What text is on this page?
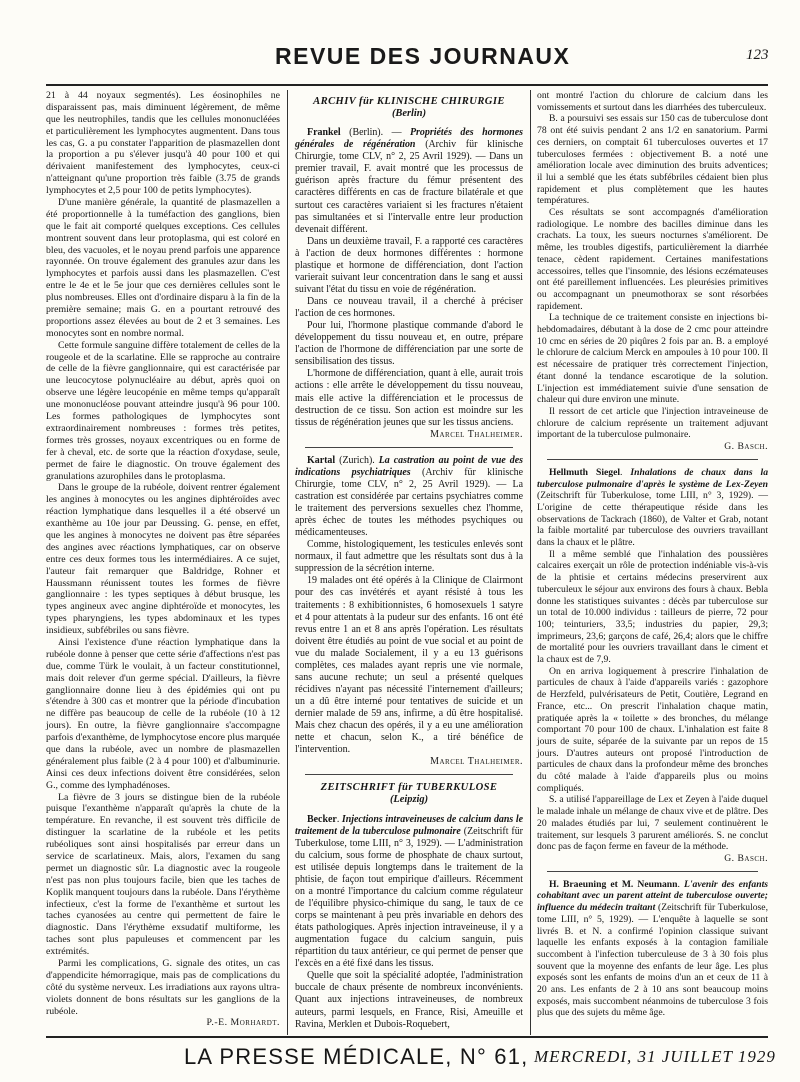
REVUE DES JOURNAUX	123

21 à 44 noyaux segmentés). Les éosinophiles ne disparaissent pas, mais diminuent légèrement, de même que les neutrophiles, tandis que les cellules mononucléées et particulièrement les lymphocytes augmentent. Dans tous les cas, G. a pu constater l'apparition de plasmazellen dont la proportion a pu s'élever jusqu'à 40 pour 100 et qui dérivaient manifestement des lymphocytes, ceux-ci n'atteignant qu'une proportion très faible (3.75 de grands lymphocytes et 2,5 pour 100 de petits lymphocytes).

D'une manière générale, la quantité de plasmazellen a été proportionnelle à la tuméfaction des ganglions, bien que le fait ait comporté quelques exceptions. Ces cellules montrent souvent dans leur protoplasma, qui est coloré en bleu, des vacuoles, et le noyau prend parfois une apparence rayonnée. On trouve également des granules azur dans les lymphocytes et parfois aussi dans les plasmazellen. C'est entre le 4e et le 5e jour que ces dernières cellules sont le plus nombreuses. Elles ont d'ordinaire disparu à la fin de la première semaine; mais G. en a pourtant retrouvé des proportions assez élevées au bout de 2 et 3 semaines. Les monocytes sont en nombre normal.

Cette formule sanguine diffère totalement de celles de la rougeole et de la scarlatine. Elle se rapproche au contraire de celle de la fièvre ganglionnaire, qui est caractérisée par une leucocytose polynucléaire au début, après quoi on observe une légère leucopénie en même temps qu'apparaît une mononucléose pouvant atteindre jusqu'à 96 pour 100. Les formes pathologiques de lymphocytes sont extraordinairement nombreuses : formes très petites, formes très grosses, noyaux excentriques ou en forme de fer à cheval, etc. de sorte que la réaction d'oxydase, seule, permet de faire le diagnostic. On trouve également des granulations azurophiles dans le protoplasma.

Dans le groupe de la rubéole, doivent rentrer également les angines à monocytes ou les angines diphtéroïdes avec réaction lymphatique dans lesquelles il a été observé un exanthème au 10e jour par Deussing. G. pense, en effet, que les angines à monocytes ne doivent pas être séparées des angines avec réactions lymphatiques, car on observe entre ces deux formes tous les intermédiaires. A ce sujet, l'auteur fait remarquer que Baldridge, Rohner et Haussmann réunissent toutes les formes de fièvre ganglionnaire : les types septiques à début brusque, les types angineux avec angine diphtéroïde et monocytes, les types pharyngiens, les types abdominaux et les types insidieux, subfébriles ou sans fièvre.

Ainsi l'existence d'une réaction lymphatique dans la rubéole donne à penser que cette série d'affections n'est pas due, comme Türk le voulait, à un facteur constitutionnel, mais doit relever d'un germe spécial. D'ailleurs, la fièvre ganglionnaire donne lieu à des épidémies qui ont pu s'étendre à 300 cas et montrer que la période d'incubation ne diffère pas beaucoup de celle de la rubéole (10 à 12 jours). En outre, la fièvre ganglionnaire s'accompagne parfois d'exanthème, de lymphocytose encore plus marquée que dans la rubéole, avec un nombre de plasmazellen généralement plus faible (2 à 4 pour 100) et d'albuminurie. Ainsi ces deux infections doivent être considérées, selon G., comme des lymphadénoses.

La fièvre de 3 jours se distingue bien de la rubéole puisque l'exanthème n'apparaît qu'après la chute de la température. En revanche, il est souvent très difficile de distinguer la scarlatine de la rubéole et les petits rubéoliques sont ainsi hospitalisés par erreur dans un service de scarlatineux. Mais, alors, l'examen du sang permet un diagnostic sûr. La diagnostic avec la rougeole n'est pas non plus toujours facile, bien que les taches de Koplik manquent toujours dans la rubéole. Dans l'érythème infectieux, c'est la forme de l'exanthème et surtout les taches cyanosées au centre qui permettent de faire le diagnostic. Dans l'érythème exsudatif multiforme, les taches sont plus papuleuses et commencent par les extrémités.

Parmi les complications, G. signale des otites, un cas d'appendicite hémorragique, mais pas de complications du côté du système nerveux. Les irradiations aux rayons ultra-violets donnent de bons résultats sur les ganglions de la rubéole.

P.-E. Morhardt.

ARCHIV für KLINISCHE CHIRURGIE
(Berlin)

Frankel (Berlin). — Propriétés des hormones générales de régénération (Archiv für klinische Chirurgie, tome CLV, n° 2, 25 Avril 1929). — Dans un premier travail, F. avait montré que les processus de guérison après fracture du fémur présentent des caractères différents en cas de fracture bilatérale et que surtout ces caractères variaient si les fractures n'étaient pas simultanées et si l'intervalle entre leur production devenait différent.

Dans un deuxième travail, F. a rapporté ces caractères à l'action de deux hormones différentes : hormone plastique et hormone de différenciation, dont l'action varierait suivant leur concentration dans le sang et aussi suivant l'état du tissu en voie de régénération.

Dans ce nouveau travail, il a cherché à préciser l'action de ces hormones.

Pour lui, l'hormone plastique commande d'abord le développement du tissu nouveau et, en outre, prépare l'action de l'hormone de différenciation par une sorte de sensibilisation des tissus.

L'hormone de différenciation, quant à elle, aurait trois actions : elle arrête le développement du tissu nouveau, mais elle active la différenciation et le processus de destruction de ce tissu. Son action est moindre sur les tissus de régénération jeunes que sur les tissus anciens.

Marcel Thalheimer.

Kartal (Zurich). La castration au point de vue des indications psychiatriques (Archiv für klinische Chirurgie, tome CLV, n° 2, 25 Avril 1929). — La castration est considérée par certains psychiatres comme le traitement des perversions sexuelles chez l'homme, après échec de toutes les méthodes psychiques ou médicamenteuses.

Comme, histologiquement, les testicules enlevés sont normaux, il faut admettre que les résultats sont dus à la suppression de la sécrétion interne.

19 malades ont été opérés à la Clinique de Clairmont pour des cas invétérés et ayant résisté à tous les traitements : 8 exhibitionnistes, 6 homosexuels 1 satyre et 4 pour attentats à la pudeur sur des enfants. 16 ont été revus entre 1 an et 8 ans après l'opération. Les résultats doivent être étudiés au point de vue social et au point de vue du malade Socialement, il y a eu 13 guérisons complètes, ces malades ayant repris une vie normale, sans aucune rechute; un seul a présenté quelques récidives n'ayant pas nécessité l'internement d'ailleurs; un a dû être interné pour tentatives de suicide et un dernier malade de 59 ans, infirme, a dû être hospitalisé. Mais chez chacun des opérés, il y a eu une amélioration nette et chacun, selon K., a tiré bénéfice de l'intervention.

Marcel Thalheimer.

ZEITSCHRIFT für TUBERKULOSE
(Leipzig)

Becker. Injections intraveineuses de calcium dans le traitement de la tuberculose pulmonaire (Zeitschrift für Tuberkulose, tome LIII, n° 3, 1929). — L'administration du calcium, sous forme de phosphate de chaux surtout, est utilisée depuis longtemps dans le traitement de la phtisie, de façon tout empirique d'ailleurs. Récemment on a montré l'importance du calcium comme régulateur de l'équilibre physico-chimique du sang, le taux de ce corps se maintenant à peu près invariable en dehors des états pathologiques. Après injection intraveineuse, il y a augmentation fugace du calcium sanguin, puis répartition du taux antérieur, ce qui permet de penser que l'excès en a été fixé dans les tissus.

Quelle que soit la spécialité adoptée, l'administration buccale de chaux présente de nombreux inconvénients. Quant aux injections intraveineuses, de nombreux auteurs, parmi lesquels, en France, Risi, Ameuille et Ravina, Merklen et Dubois-Roquebert,

ont montré l'action du chlorure de calcium dans les vomissements et surtout dans les diarrhées des tuberculeux.

B. a poursuivi ses essais sur 150 cas de tuberculose dont 78 ont été suivis pendant 2 ans 1/2 en sanatorium. Parmi ces derniers, on comptait 61 tuberculoses ouvertes et 17 tuberculoses fermées : objectivement B. a noté une amélioration locale avec diminution des bruits adventices; il lui a semblé que les états subfébriles cédaient bien plus rapidement et plus complètement que les hautes températures.

Ces résultats se sont accompagnés d'amélioration radiologique. Le nombre des bacilles diminue dans les crachats. La toux, les sueurs nocturnes s'améliorent. De même, les troubles digestifs, particulièrement la diarrhée tenace, cèdent rapidement. Certaines manifestations accessoires, telles que l'insomnie, des lésions eczémateuses ont été pareillement influencées. Les pleurésies primitives ou accompagnant un pneumothorax se sont résorbées rapidement.

La technique de ce traitement consiste en injections bi-hebdomadaires, débutant à la dose de 2 cmc pour atteindre 10 cmc en séries de 20 piqûres 2 fois par an. B. a employé le chlorure de calcium Merck en ampoules à 10 pour 100. Il est nécessaire de pratiquer très correctement l'injection, étant donné la tendance escarotique de la solution. L'injection est immédiatement suivie d'une sensation de chaleur qui dure environ une minute.

Il ressort de cet article que l'injection intraveineuse de chlorure de calcium représente un traitement adjuvant important de la tuberculose pulmonaire.

G. Basch.

Hellmuth Siegel. Inhalations de chaux dans la tuberculose pulmonaire d'après le système de Lex-Zeyen (Zeitschrift für Tuberkulose, tome LIII, n° 3, 1929). — L'origine de cette thérapeutique réside dans les observations de Tackrach (1860), de Valter et Grab, notant la faible mortalité par tuberculose des ouvriers travaillant dans la chaux et le plâtre.

Il a même semblé que l'inhalation des poussières calcaires exerçait un rôle de protection indéniable vis-à-vis de la phtisie et certains médecins preservirent aux tuberculeux le séjour aux environs des fours à chaux. Bebla donne les statistiques suivantes : décès par tuberculose sur un total de 10.000 individus : tailleurs de pierre, 72 pour 100; teinturiers, 33,5; industries du papier, 29,3; imprimeurs, 23,6; garçons de café, 26,4; alors que le chiffre de mortalité pour les ouvriers travaillant dans le ciment et la chaux est de 7,9.

On en arriva logiquement à prescrire l'inhalation de particules de chaux à l'aide d'appareils variés : gazophore de Herzfeld, pulvérisateurs de Petit, Coutière, Legrand en France, etc... On prescrit l'inhalation chaque matin, pratiquée après la « toilette » des bronches, du mélange comportant 70 pour 100 de chaux. L'inhalation est faite 8 jours de suite, séparée de la suivante par un repos de 15 jours. D'autres auteurs ont proposé l'introduction de particules de chaux dans la profondeur même des bronches du côté malade à l'aide d'appareils plus ou moins compliqués.

S. a utilisé l'appareillage de Lex et Zeyen à l'aide duquel le malade inhale un mélange de chaux vive et de plâtre. Des 20 malades étudiés par lui, 7 seulement continuèrent le traitement, sur lesquels 3 parurent améliorés. S. ne conclut donc pas de façon ferme en faveur de la méthode.

G. Basch.

H. Braeuning et M. Neumann. L'avenir des enfants cohabitant avec un parent atteint de tuberculose ouverte; influence du médecin traitant (Zeitschrift für Tuberkulose, tome LIII, n° 5, 1929). — L'enquête à laquelle se sont livrés B. et N. a confirmé l'opinion classique suivant laquelle les enfants exposés à la contagion familiale succombent à l'infection tuberculeuse de 3 à 30 fois plus souvent que la moyenne des enfants de leur âge. Les plus exposés sont les enfants de moins d'un an et ceux de 11 à 20 ans. Les enfants de 2 à 10 ans sont beaucoup moins exposés, mais succombent néanmoins de tuberculose 3 fois plus que des sujets du même âge.

LA PRESSE MÉDICALE, N° 61, MERCREDI, 31 JUILLET 1929
